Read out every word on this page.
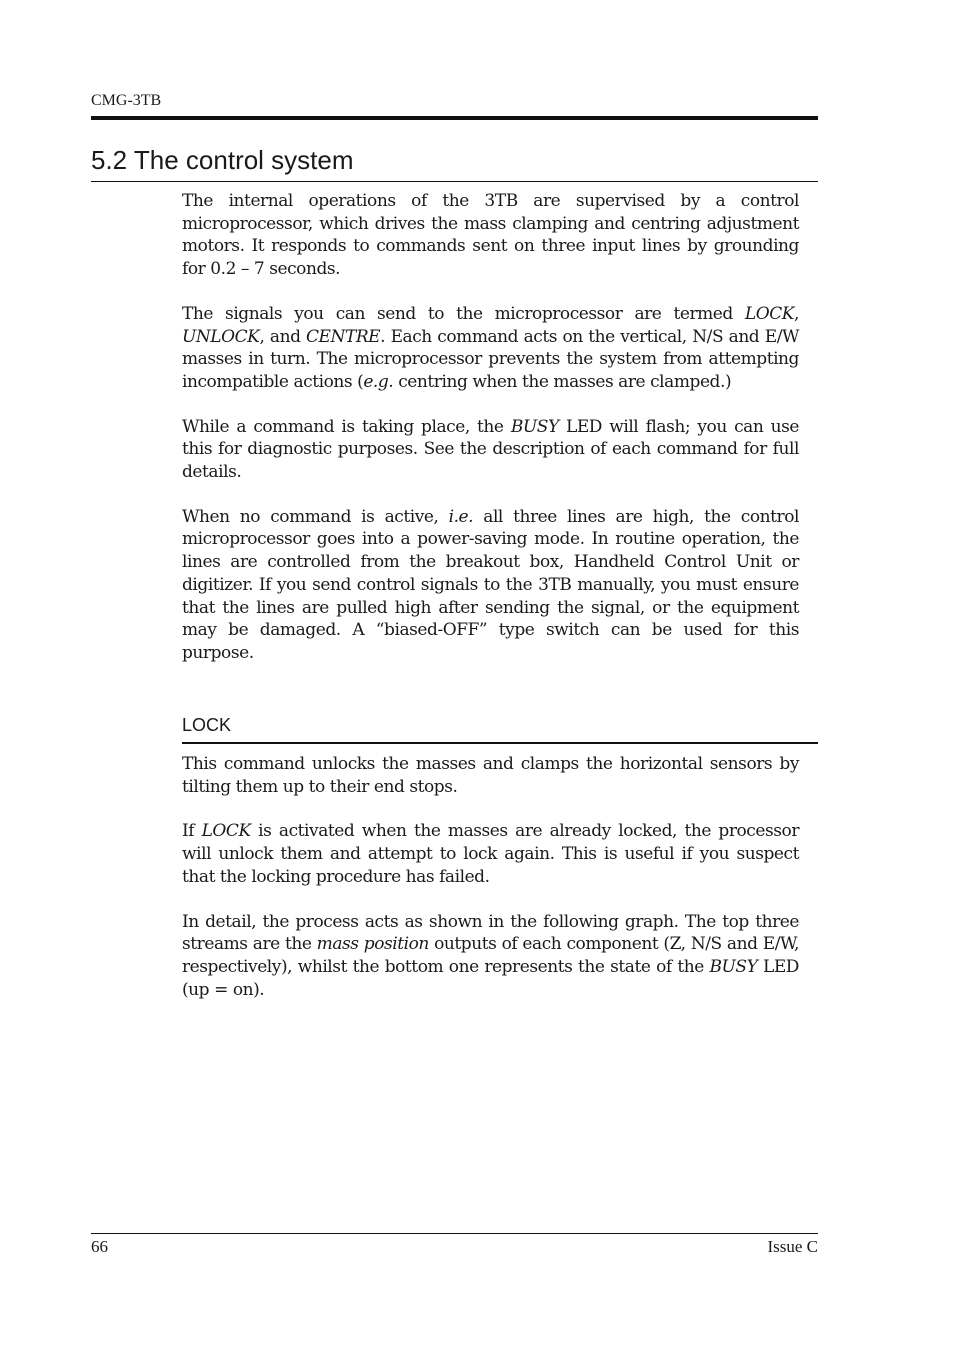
CMG-3TB
5.2 The control system

The internal operations of the 3TB are supervised by a control microprocessor, which drives the mass clamping and centring adjustment motors. It responds to commands sent on three input lines by grounding for 0.2 – 7 seconds.

The signals you can send to the microprocessor are termed LOCK, UNLOCK, and CENTRE. Each command acts on the vertical, N/S and E/W masses in turn. The microprocessor prevents the system from attempting incompatible actions (e.g. centring when the masses are clamped.)

While a command is taking place, the BUSY LED will flash; you can use this for diagnostic purposes. See the description of each command for full details.

When no command is active, i.e. all three lines are high, the control microprocessor goes into a power-saving mode. In routine operation, the lines are controlled from the breakout box, Handheld Control Unit or digitizer. If you send control signals to the 3TB manually, you must ensure that the lines are pulled high after sending the signal, or the equipment may be damaged. A “biased-OFF” type switch can be used for this purpose.

LOCK

This command unlocks the masses and clamps the horizontal sensors by tilting them up to their end stops.

If LOCK is activated when the masses are already locked, the processor will unlock them and attempt to lock again. This is useful if you suspect that the locking procedure has failed.

In detail, the process acts as shown in the following graph. The top three streams are the mass position outputs of each component (Z, N/S and E/W, respectively), whilst the bottom one represents the state of the BUSY LED (up = on).

66	Issue C
